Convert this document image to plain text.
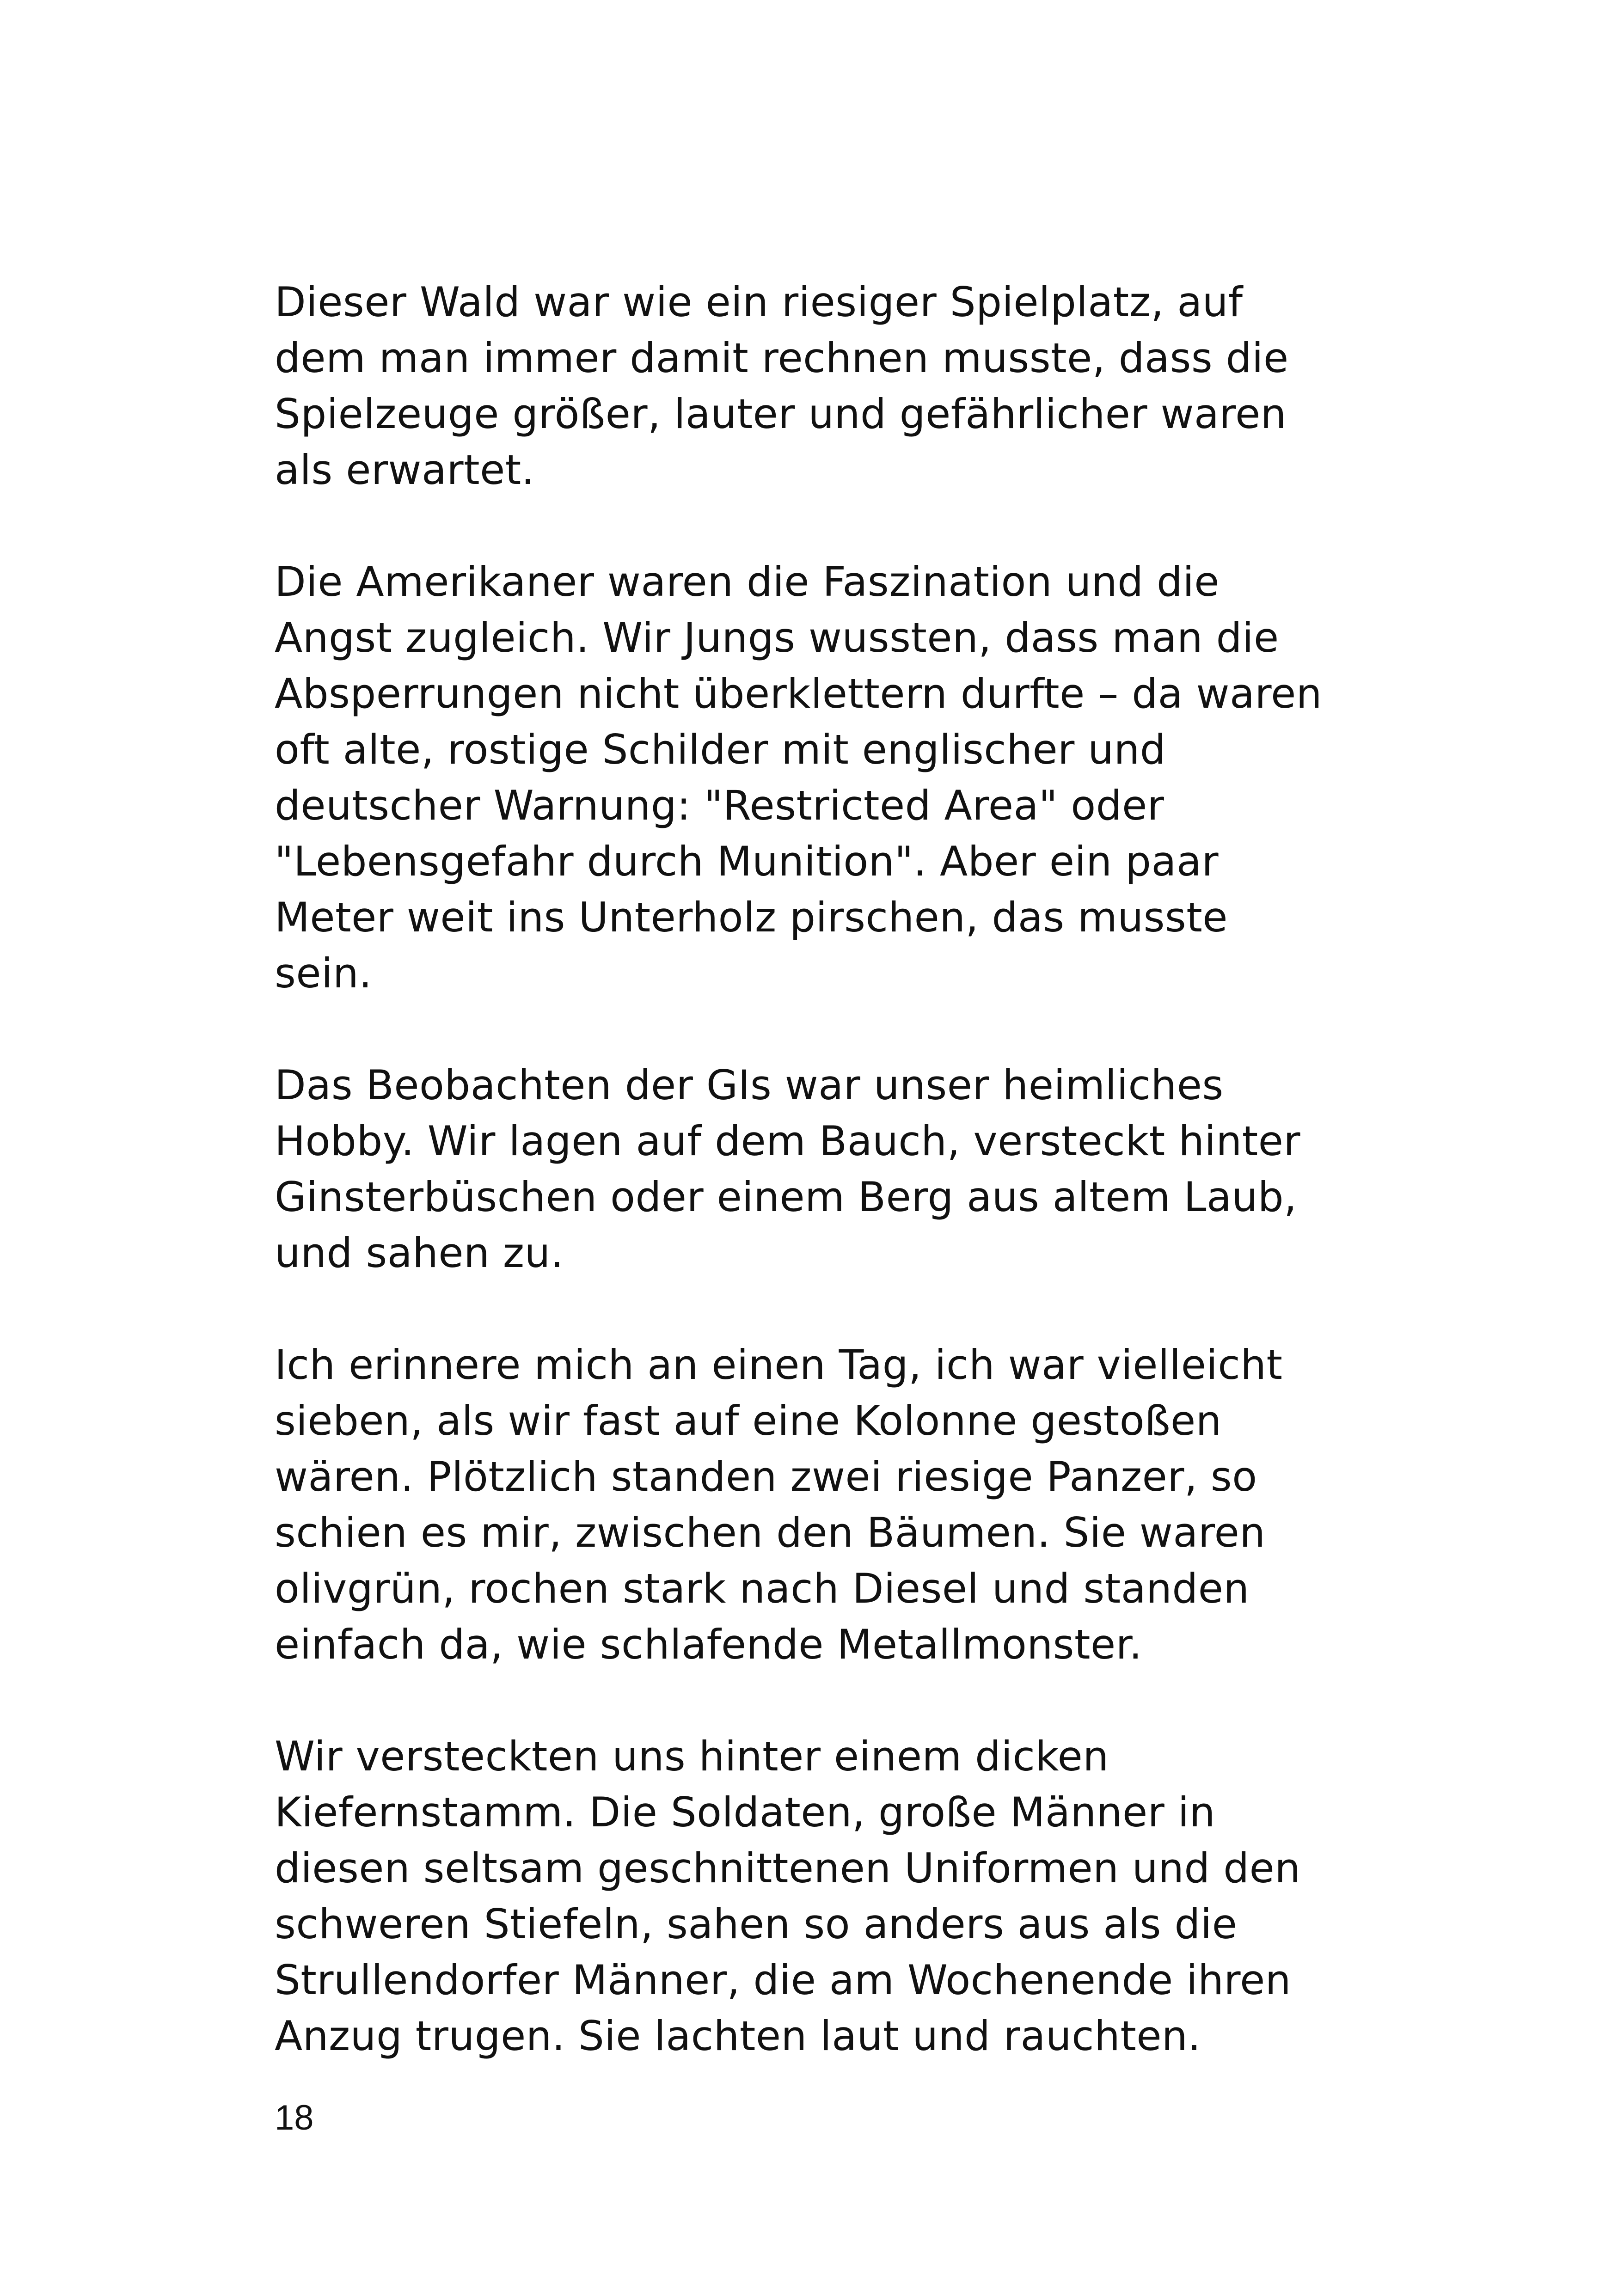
Dieser Wald war wie ein riesiger Spielplatz, auf
dem man immer damit rechnen musste, dass die
Spielzeuge größer, lauter und gefährlicher waren
als erwartet.

Die Amerikaner waren die Faszination und die
Angst zugleich. Wir Jungs wussten, dass man die
Absperrungen nicht überklettern durfte – da waren
oft alte, rostige Schilder mit englischer und
deutscher Warnung: "Restricted Area" oder
"Lebensgefahr durch Munition". Aber ein paar
Meter weit ins Unterholz pirschen, das musste
sein.

Das Beobachten der GIs war unser heimliches
Hobby. Wir lagen auf dem Bauch, versteckt hinter
Ginsterbüschen oder einem Berg aus altem Laub,
und sahen zu.

Ich erinnere mich an einen Tag, ich war vielleicht
sieben, als wir fast auf eine Kolonne gestoßen
wären. Plötzlich standen zwei riesige Panzer, so
schien es mir, zwischen den Bäumen. Sie waren
olivgrün, rochen stark nach Diesel und standen
einfach da, wie schlafende Metallmonster.

Wir versteckten uns hinter einem dicken
Kiefernstamm. Die Soldaten, große Männer in
diesen seltsam geschnittenen Uniformen und den
schweren Stiefeln, sahen so anders aus als die
Strullendorfer Männer, die am Wochenende ihren
Anzug trugen. Sie lachten laut und rauchten.

18
